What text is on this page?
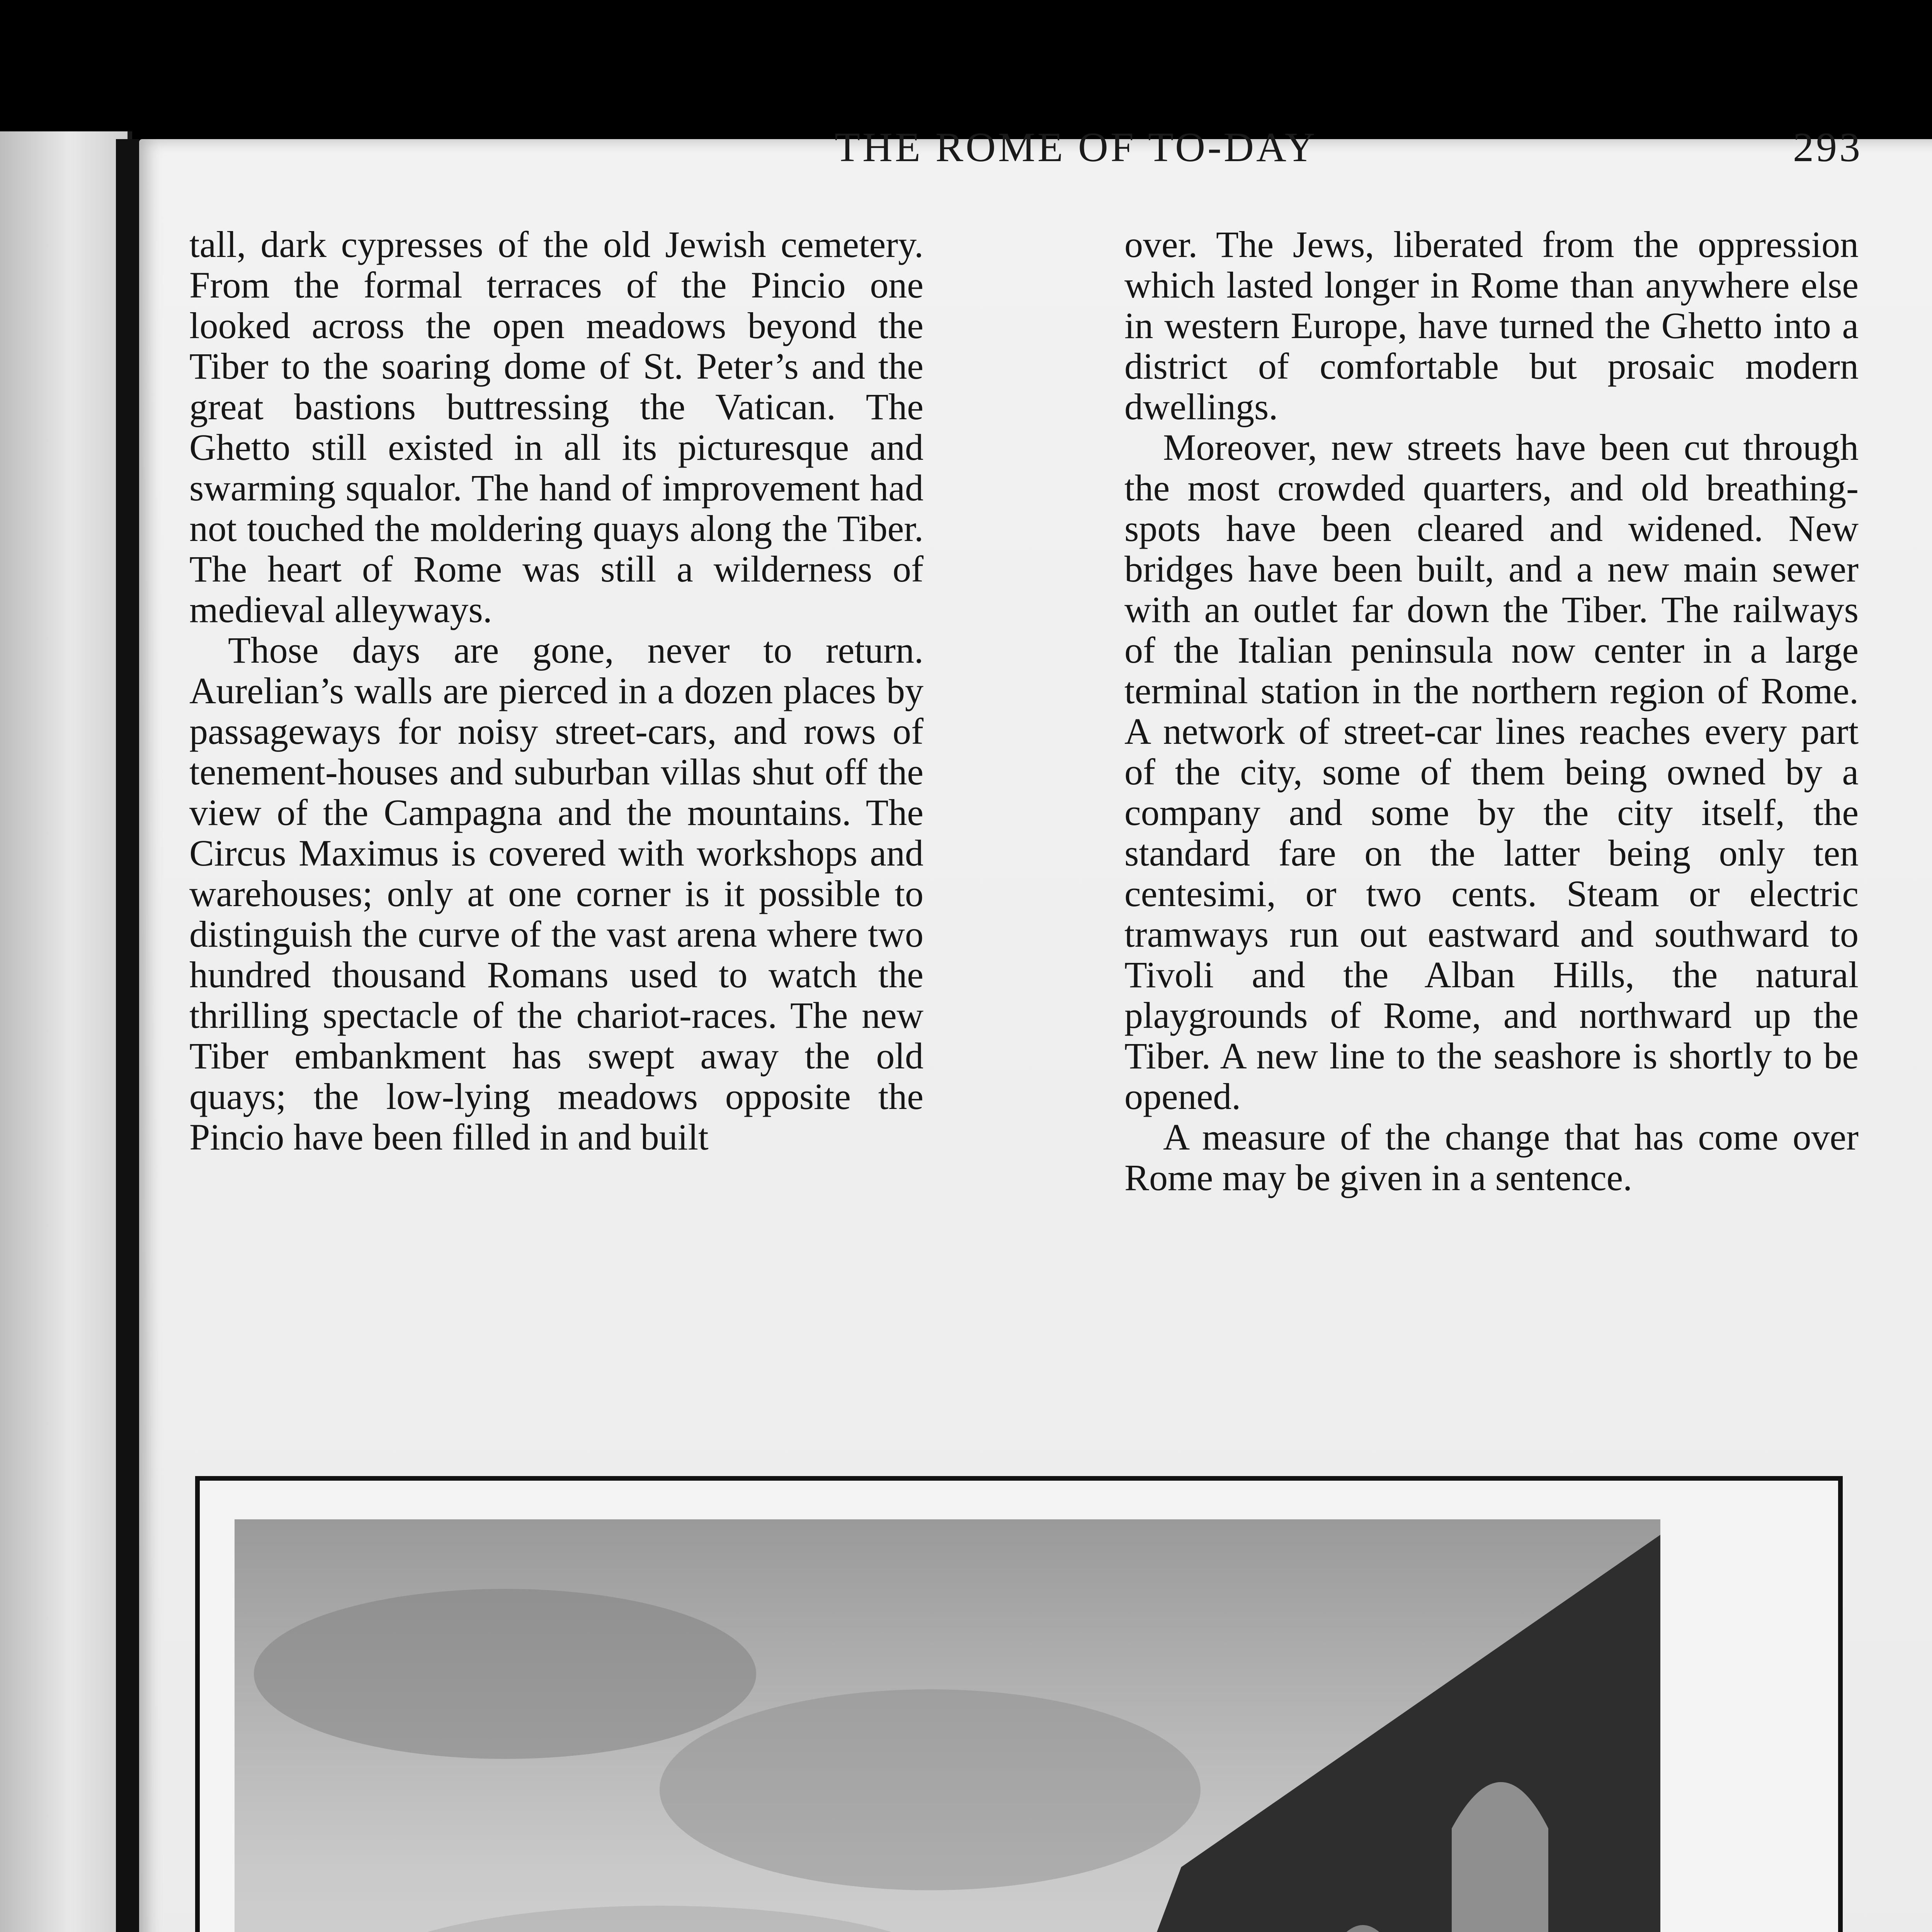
THE ROME OF TO-DAY	293

tall, dark cypresses of the old Jewish cemetery. From the formal terraces of the Pincio one looked across the open meadows beyond the Tiber to the soaring dome of St. Peter’s and the great bastions buttressing the Vatican. The Ghetto still existed in all its picturesque and swarming squalor. The hand of improvement had not touched the moldering quays along the Tiber. The heart of Rome was still a wilderness of medieval alleyways.

Those days are gone, never to return. Aurelian’s walls are pierced in a dozen places by passageways for noisy street-cars, and rows of tenement-houses and suburban villas shut off the view of the Campagna and the mountains. The Circus Maximus is covered with workshops and warehouses; only at one corner is it possible to distinguish the curve of the vast arena where two hundred thousand Romans used to watch the thrilling spectacle of the chariot-races. The new Tiber embankment has swept away the old quays; the low-lying meadows opposite the Pincio have been filled in and built

over. The Jews, liberated from the oppression which lasted longer in Rome than anywhere else in western Europe, have turned the Ghetto into a district of comfortable but prosaic modern dwellings.

Moreover, new streets have been cut through the most crowded quarters, and old breathing-spots have been cleared and widened. New bridges have been built, and a new main sewer with an outlet far down the Tiber. The railways of the Italian peninsula now center in a large terminal station in the northern region of Rome. A network of street-car lines reaches every part of the city, some of them being owned by a company and some by the city itself, the standard fare on the latter being only ten centesimi, or two cents. Steam or electric tramways run out eastward and southward to Tivoli and the Alban Hills, the natural playgrounds of Rome, and northward up the Tiber. A new line to the seashore is shortly to be opened.

A measure of the change that has come over Rome may be given in a sentence.
